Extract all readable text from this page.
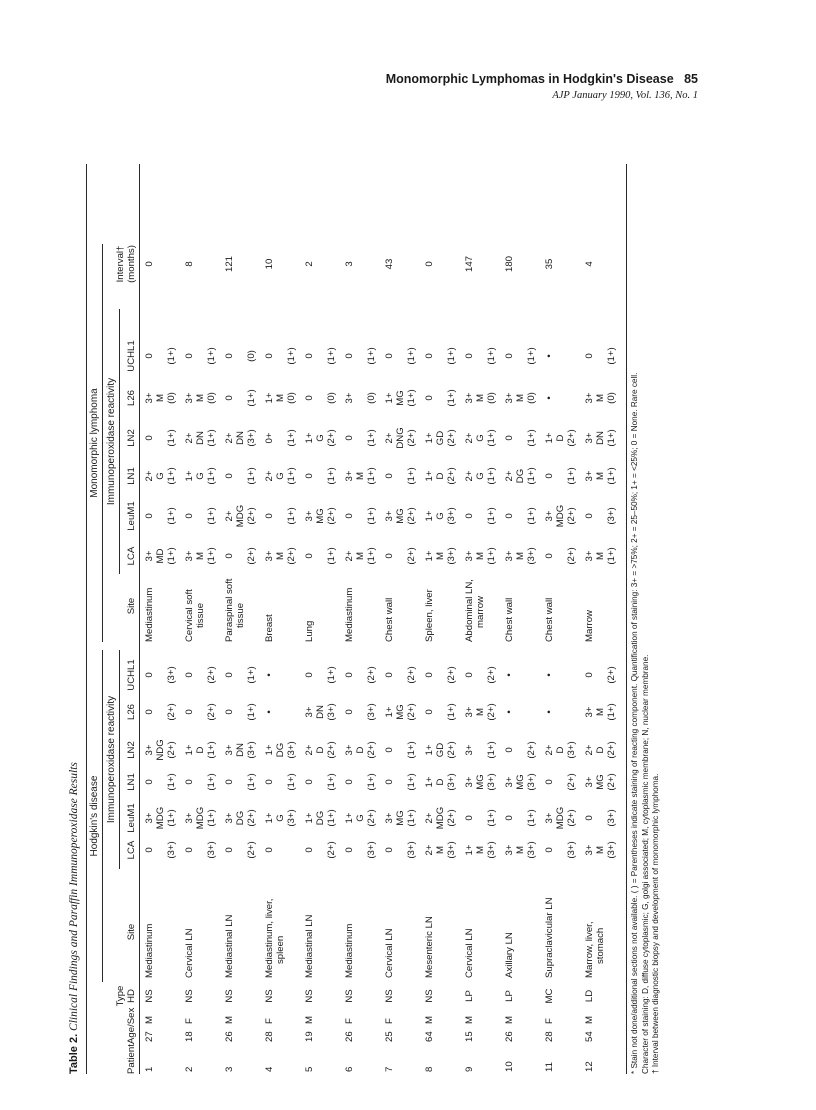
Monomorphic Lymphomas in Hodgkin's Disease 85
AJP January 1990, Vol. 136, No. 1
Table 2. Clinical Findings and Paraffin Immunoperoxidase Results Hodgkin's disease
Monomorphic lymphoma
Immunoperoxidase reactivity
Immunoperoxidase reactivity
Patient
Age/Sex
Type HD
Site
LCA
LeuM1
LN1
LN2
L26
UCHL1
Site
LCA
LeuM1
LN1
LN2
L26
UCHL1
Interval† (months)
1
27
M
NS
Mediastinum
0 (3+)
3+ MDG (1+)
0 (1+)
3+ NDG (2+)
0 (2+)
0 (3+)
Mediastinum
3+ MD (1+)
0 (1+)
2+ G (1+)
0 (1+)
3+ M (0)
0 (1+)
0
2
18
F
NS
Cervical LN
0 (3+)
3+ MDG (1+)
0 (1+)
1+ D (1+)
0 (2+)
0 (2+)
Cervical soft tissue
3+ M (1+)
0 (1+)
1+ G (1+)
2+ DN (1+)
3+ M (0)
0 (1+)
8
3
26
M
NS
Mediastinal LN
0 (2+)
3+ DG (2+)
0 (1+)
3+ DN (3+)
0 (1+)
0 (1+)
Paraspinal soft tissue
0 (2+)
2+ MDG (2+)
0 (1+)
2+ DN (3+)
0 (1+)
0 (0)
121
4
28
F
NS
Mediastinum, liver, spleen
0
1+ G (3+)
0 (1+)
1+ DG (3+)
•
•
Breast
3+ M (2+)
0 (1+)
2+ G (1+)
0+ (1+)
1+ M (0)
0 (1+)
10
5
19
M
NS
Mediastinal LN
0 (2+)
1+ DG (1+)
0 (1+)
2+ D (2+)
3+ DN (3+)
0 (1+)
Lung
0 (1+)
3+ MG (2+)
0 (1+)
1+ G (2+)
0 (0)
0 (1+)
2
6
26
F
NS
Mediastinum
0 (3+)
1+ G (2+)
0 (1+)
3+ D (2+)
0 (3+)
0 (2+)
Mediastinum
2+ M (1+)
0 (1+)
3+ M (1+)
0 (1+)
3+ (0)
0 (1+)
3
7
25
F
NS
Cervical LN
0 (3+)
3+ MG (1+)
0 (1+)
0 (1+)
1+ MG (2+)
0 (2+)
Chest wall
0 (2+)
3+ MG (2+)
0 (1+)
2+ DNG (2+)
1+ MG (1+)
0 (1+)
43
8
64
M
NS
Mesenteric LN
2+ M (3+)
2+ MDG (2+)
1+ D (3+)
1+ GD (2+)
0 (1+)
0 (2+)
Spleen, liver
1+ M (3+)
1+ G (3+)
1+ D (2+)
1+ GD (2+)
0 (1+)
0 (1+)
0
9
15
M
LP
Cervical LN
1+ M (3+)
0 (1+)
3+ MG (3+)
3+ (1+)
3+ M (2+)
0 (2+)
Abdominal LN, marrow
3+ M (1+)
0 (1+)
2+ G (1+)
2+ G (1+)
3+ M (0)
0 (1+)
147
10
26
M
LP
Axillary LN
3+ M (3+)
0 (1+)
3+ MG (3+)
0 (2+)
•
•
Chest wall
3+ M (3+)
0 (1+)
2+ DG (1+)
0 (1+)
3+ M (0)
0 (1+)
180
11
28
F
MC
Supraclavicular LN
0 (3+)
3+ MDG (2+)
0 (2+)
2+ D (3+)
•
•
Chest wall
0 (2+)
3+ MDG (2+)
0 (1+)
1+ D (2+)
•
•
35
12
54
M
LD
Marrow, liver, stomach
3+ M (3+)
0 (3+)
3+ MG (2+)
2+ D (2+)
3+ M (1+)
0 (2+)
Marrow
3+ M (1+)
0 (3+)
3+ M (1+)
3+ DN (1+)
3+ M (0)
0 (1+)
4
* Stain not done/additional sections not available. ( ) = Parentheses indicate staining of reacting component. Quantification of staining: 3+ = >75%; 2+ = 25–50%; 1+ = <25%; 0 = None. Rare cell. Character of staining: D, diffuse cytoplasmic; G, golgi associated; M, cytoplasmic membrane; N, nuclear membrane. † Interval between diagnostic biopsy and development of monomorphic lymphoma.
